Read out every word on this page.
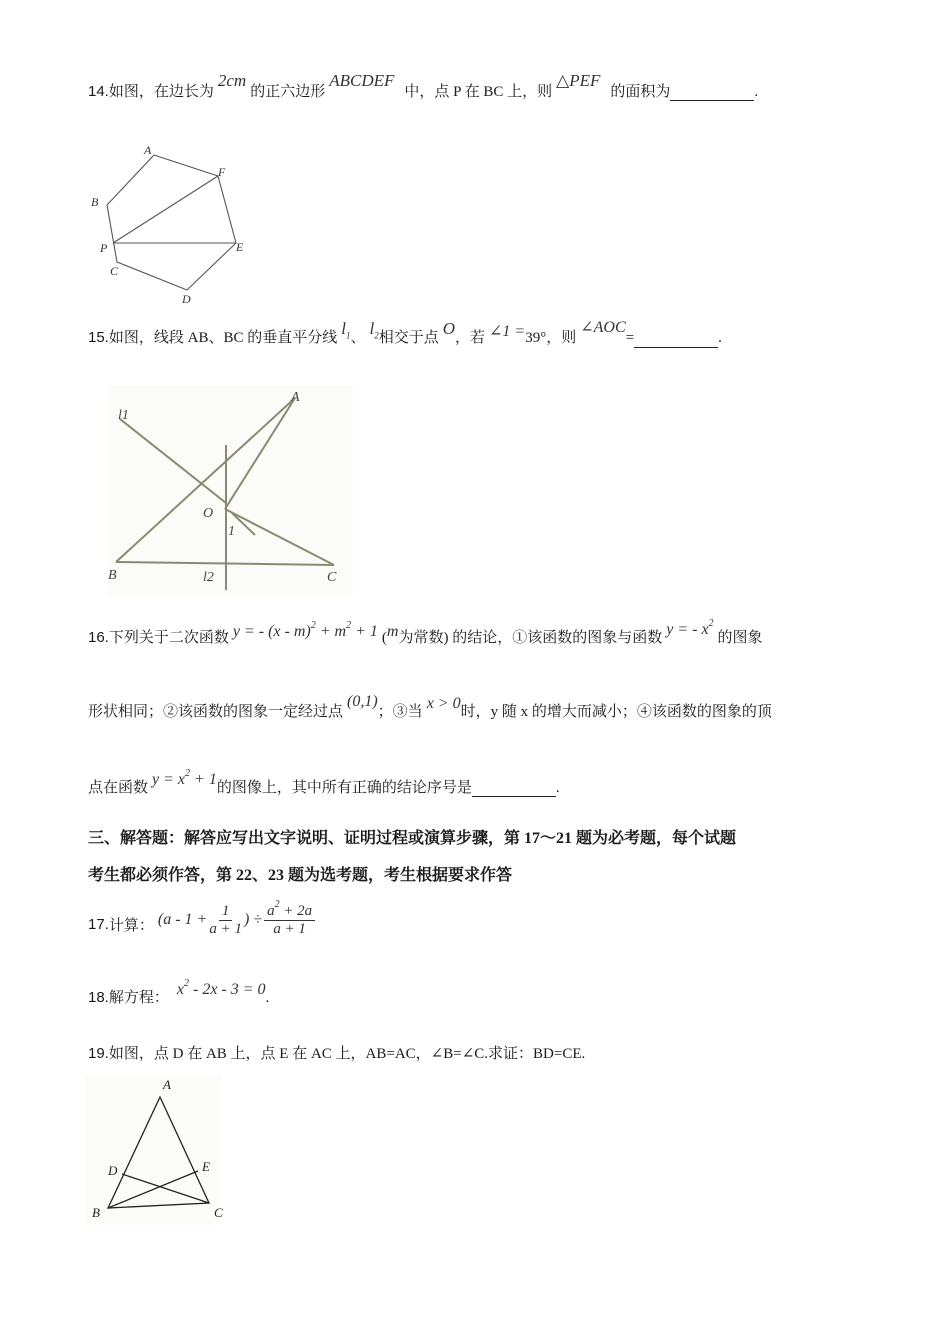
14.如图，在边长为 2cm 的正六边形 ABCDEF 中，点 P 在 BC 上，则 △PEF 的面积为	.
A
F
B
P	E
C
D
15.如图，线段 AB、BC 的垂直平分线 $l_1$、 $l_2$相交于点 O，若 ∠1 =39°，则 ∠AOC=	.
l1
A
O
1
B	l2	C
16.下列关于二次函数 y = - $(x - m)^2 + m^2 + 1$ (m为常数) 的结论，①该函数的图象与函数 y = - $x^2$ 的图象
形状相同；②该函数的图象一定经过点 (0,1)；③当 x > 0时，y 随 x 的增大而减小；④该函数的图象的顶
点在函数 $y = x^2 + 1$的图像上，其中所有正确的结论序号是	.
三、解答题：解答应写出文字说明、证明过程或演算步骤，第 17～21 题为必考题，每个试题
考生都必须作答，第 22、23 题为选考题，考生根据要求作答
17. 计算： ($a - 1 + \frac{1}{a + 1}$ ) ÷ $\frac{a^2 + 2a}{a + 1}$
18.解方程： $x^2 - 2x - 3 = 0$.
19.如图，点 D 在 AB 上，点 E 在 AC 上，AB=AC，∠B=∠C.求证：BD=CE.
A
D	E
B	C
